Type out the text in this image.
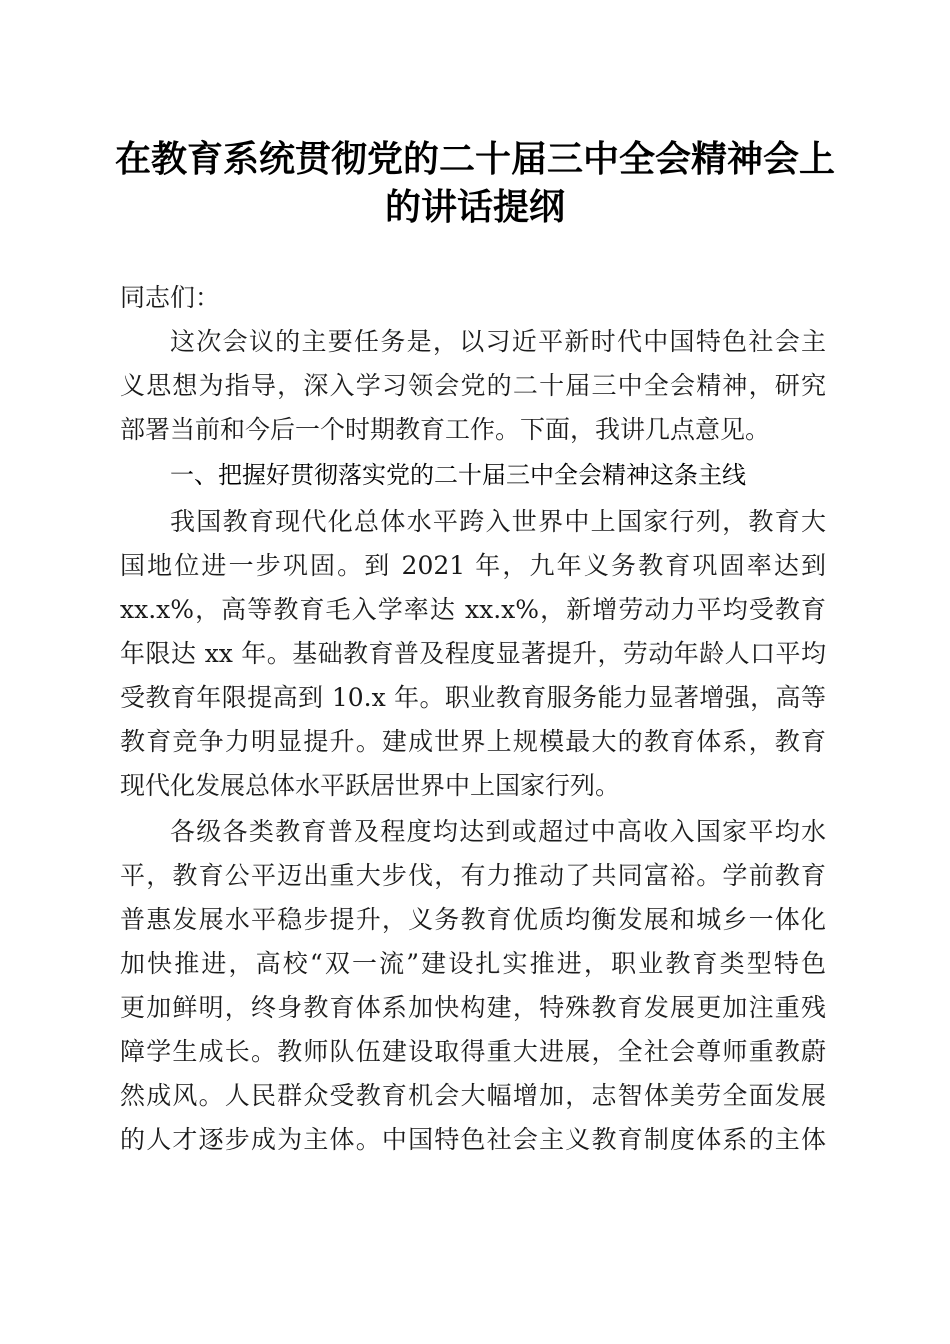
在教育系统贯彻党的二十届三中全会精神会上
的讲话提纲
同志们：
这次会议的主要任务是，以习近平新时代中国特色社会主
义思想为指导，深入学习领会党的二十届三中全会精神，研究
部署当前和今后一个时期教育工作。下面，我讲几点意见。
一、把握好贯彻落实党的二十届三中全会精神这条主线
我国教育现代化总体水平跨入世界中上国家行列，教育大
国地位进一步巩固。到 2021 年，九年义务教育巩固率达到
xx.x%，高等教育毛入学率达 xx.x%，新增劳动力平均受教育
年限达 xx 年。基础教育普及程度显著提升，劳动年龄人口平均
受教育年限提高到 10.x 年。职业教育服务能力显著增强，高等
教育竞争力明显提升。建成世界上规模最大的教育体系，教育
现代化发展总体水平跃居世界中上国家行列。
各级各类教育普及程度均达到或超过中高收入国家平均水
平，教育公平迈出重大步伐，有力推动了共同富裕。学前教育
普惠发展水平稳步提升，义务教育优质均衡发展和城乡一体化
加快推进，高校“双一流”建设扎实推进，职业教育类型特色
更加鲜明，终身教育体系加快构建，特殊教育发展更加注重残
障学生成长。教师队伍建设取得重大进展，全社会尊师重教蔚
然成风。人民群众受教育机会大幅增加，志智体美劳全面发展
的人才逐步成为主体。中国特色社会主义教育制度体系的主体
